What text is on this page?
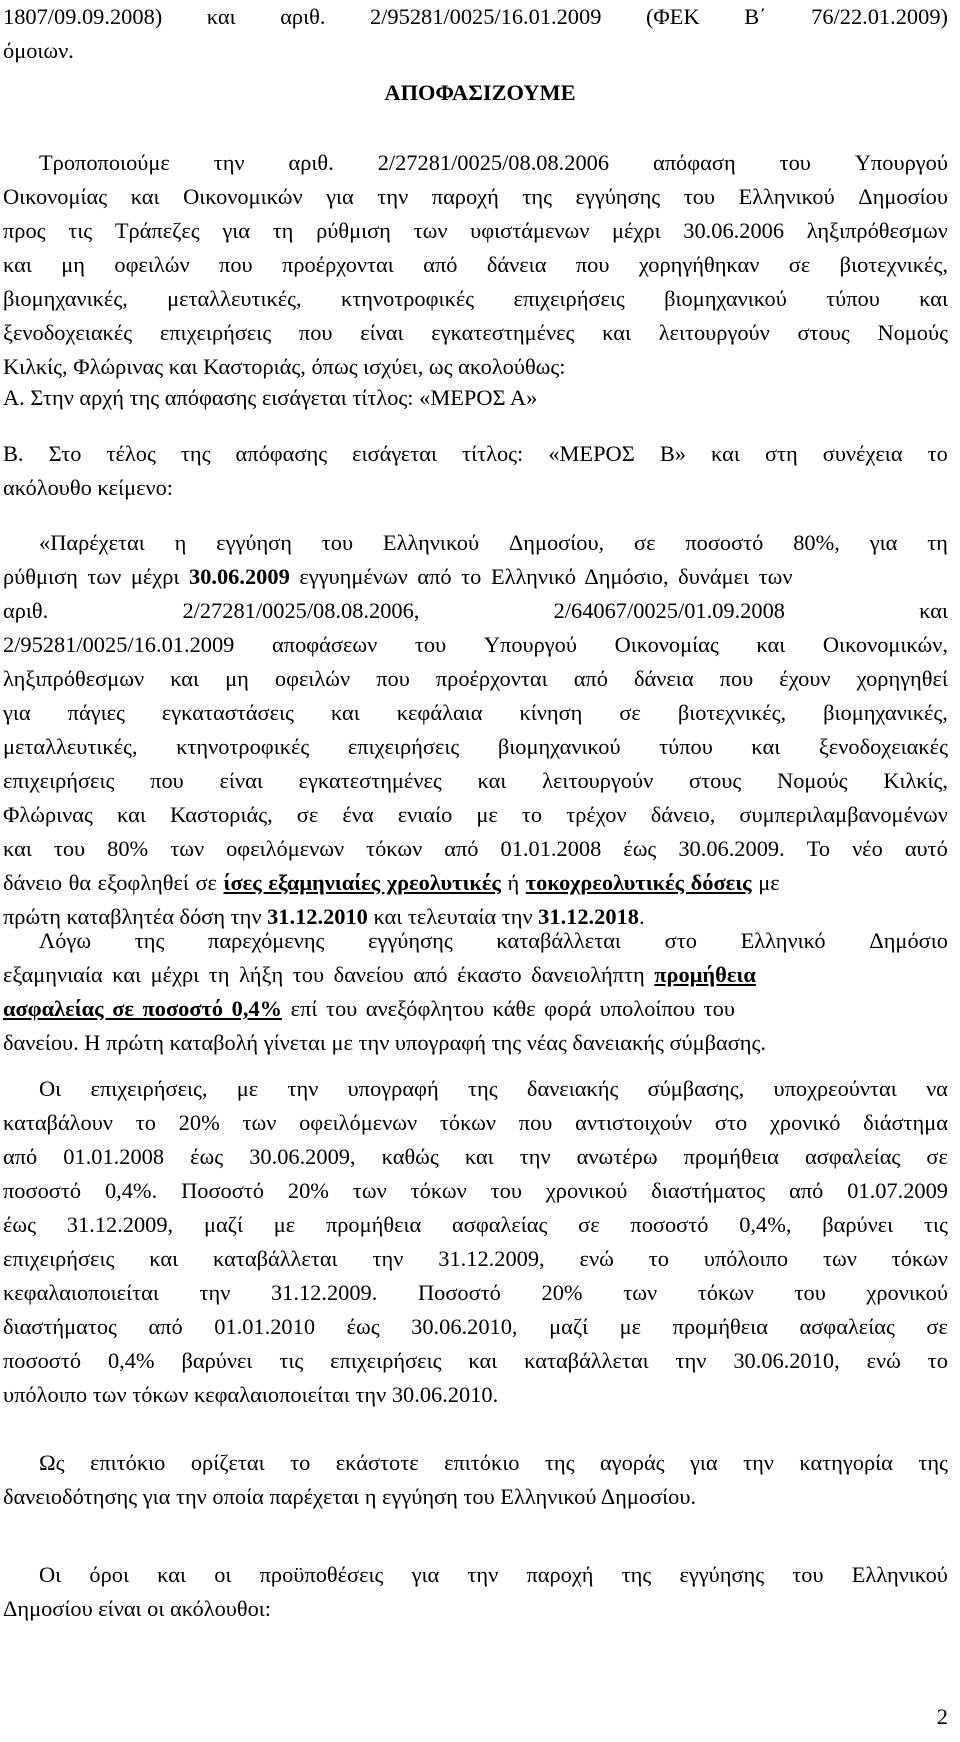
1807/09.09.2008) και αριθ. 2/95281/0025/16.01.2009 (ΦΕΚ Β΄ 76/22.01.2009)
όμοιων.
ΑΠΟΦΑΣΙΖΟΥΜΕ
Τροποποιούμε την αριθ. 2/27281/0025/08.08.2006 απόφαση του Υπουργού
Οικονομίας και Οικονομικών για την παροχή της εγγύησης του Ελληνικού Δημοσίου
προς τις Τράπεζες για τη ρύθμιση των υφιστάμενων μέχρι 30.06.2006 ληξιπρόθεσμων
και μη οφειλών που προέρχονται από δάνεια που χορηγήθηκαν σε βιοτεχνικές,
βιομηχανικές, μεταλλευτικές, κτηνοτροφικές επιχειρήσεις βιομηχανικού τύπου και
ξενοδοχειακές επιχειρήσεις που είναι εγκατεστημένες και λειτουργούν στους Νομούς
Κιλκίς, Φλώρινας και Καστοριάς, όπως ισχύει, ως ακολούθως:
Α. Στην αρχή της απόφασης εισάγεται τίτλος: «ΜΕΡΟΣ Α»
Β. Στο τέλος της απόφασης εισάγεται τίτλος: «ΜΕΡΟΣ Β» και στη συνέχεια το
ακόλουθο κείμενο:
«Παρέχεται η εγγύηση του Ελληνικού Δημοσίου, σε ποσοστό 80%, για τη
ρύθμιση των μέχρι 30.06.2009 εγγυημένων από το Ελληνικό Δημόσιο, δυνάμει των
αριθ.	2/27281/0025/08.08.2006,	2/64067/0025/01.09.2008	και
2/95281/0025/16.01.2009 αποφάσεων του Υπουργού Οικονομίας και Οικονομικών,
ληξιπρόθεσμων και μη οφειλών που προέρχονται από δάνεια που έχουν χορηγηθεί
για πάγιες εγκαταστάσεις και κεφάλαια κίνηση σε βιοτεχνικές, βιομηχανικές,
μεταλλευτικές, κτηνοτροφικές επιχειρήσεις βιομηχανικού τύπου και ξενοδοχειακές
επιχειρήσεις που είναι εγκατεστημένες και λειτουργούν στους Νομούς Κιλκίς,
Φλώρινας και Καστοριάς, σε ένα ενιαίο με το τρέχον δάνειο, συμπεριλαμβανομένων
και του 80% των οφειλόμενων τόκων από 01.01.2008 έως 30.06.2009. Το νέο αυτό
δάνειο θα εξοφληθεί σε ίσες εξαμηνιαίες χρεολυτικές ή τοκοχρεολυτικές δόσεις με
πρώτη καταβλητέα δόση την 31.12.2010 και τελευταία την 31.12.2018.
Λόγω της παρεχόμενης εγγύησης καταβάλλεται στο Ελληνικό Δημόσιο
εξαμηνιαία και μέχρι τη λήξη του δανείου από έκαστο δανειολήπτη προμήθεια
ασφαλείας σε ποσοστό 0,4% επί του ανεξόφλητου κάθε φορά υπολοίπου του
δανείου. Η πρώτη καταβολή γίνεται με την υπογραφή της νέας δανειακής σύμβασης.
Οι επιχειρήσεις, με την υπογραφή της δανειακής σύμβασης, υποχρεούνται να
καταβάλουν το 20% των οφειλόμενων τόκων που αντιστοιχούν στο χρονικό διάστημα
από 01.01.2008 έως 30.06.2009, καθώς και την ανωτέρω προμήθεια ασφαλείας σε
ποσοστό 0,4%. Ποσοστό 20% των τόκων του χρονικού διαστήματος από 01.07.2009
έως 31.12.2009, μαζί με προμήθεια ασφαλείας σε ποσοστό 0,4%, βαρύνει τις
επιχειρήσεις και καταβάλλεται την 31.12.2009, ενώ το υπόλοιπο των τόκων
κεφαλαιοποιείται την 31.12.2009. Ποσοστό 20% των τόκων του χρονικού
διαστήματος από 01.01.2010 έως 30.06.2010, μαζί με προμήθεια ασφαλείας σε
ποσοστό 0,4% βαρύνει τις επιχειρήσεις και καταβάλλεται την 30.06.2010, ενώ το
υπόλοιπο των τόκων κεφαλαιοποιείται την 30.06.2010.
Ως επιτόκιο ορίζεται το εκάστοτε επιτόκιο της αγοράς για την κατηγορία της
δανειοδότησης για την οποία παρέχεται η εγγύηση του Ελληνικού Δημοσίου.
Οι όροι και οι προϋποθέσεις για την παροχή της εγγύησης του Ελληνικού
Δημοσίου είναι οι ακόλουθοι:
2
